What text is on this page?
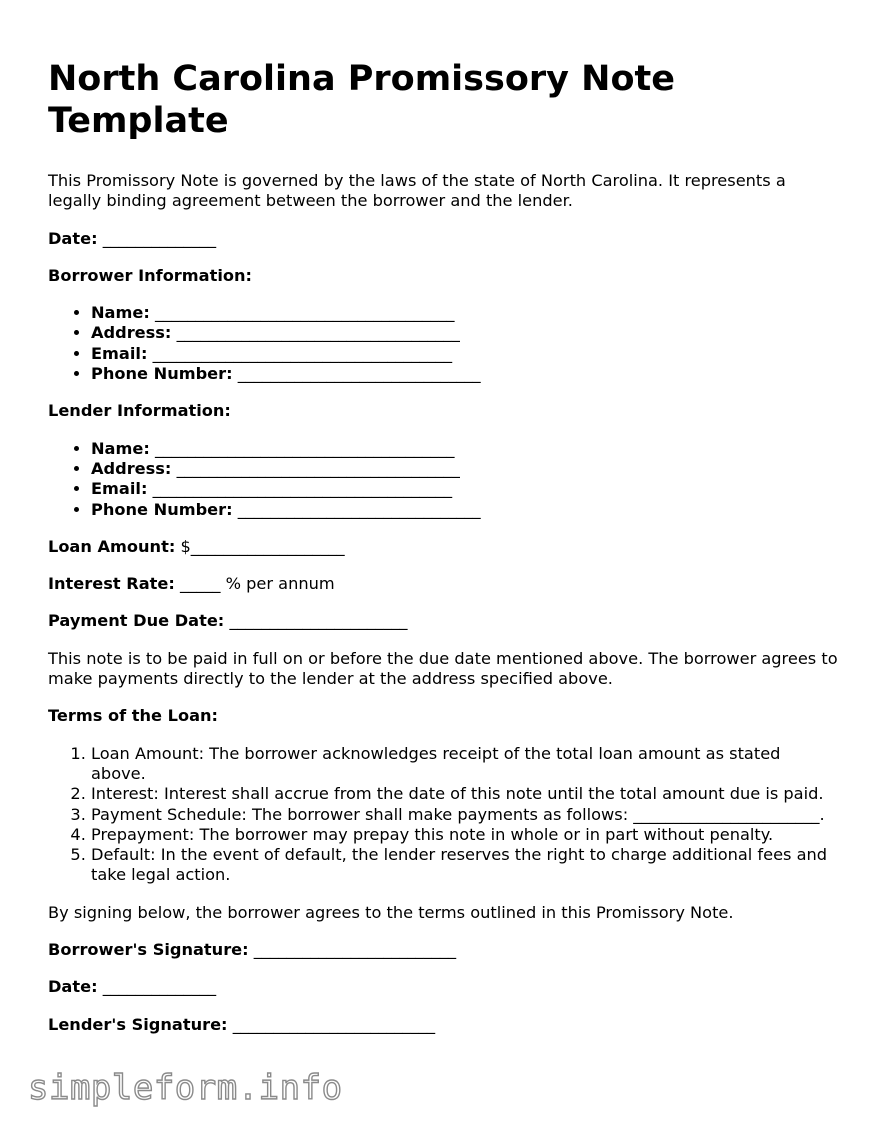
North Carolina Promissory Note Template

This Promissory Note is governed by the laws of the state of North Carolina. It represents a legally binding agreement between the borrower and the lender.

Date: ______________

Borrower Information:
• Name: _____________________________________
• Address: ___________________________________
• Email: _____________________________________
• Phone Number: ______________________________
Lender Information:
• Name: _____________________________________
• Address: ___________________________________
• Email: _____________________________________
• Phone Number: ______________________________

Loan Amount: $___________________

Interest Rate: _____ % per annum

Payment Due Date: ______________________

This note is to be paid in full on or before the due date mentioned above. The borrower agrees to make payments directly to the lender at the address specified above.

Terms of the Loan:
1. Loan Amount: The borrower acknowledges receipt of the total loan amount as stated above.
2. Interest: Interest shall accrue from the date of this note until the total amount due is paid.
3. Payment Schedule: The borrower shall make payments as follows: _______________________.
4. Prepayment: The borrower may prepay this note in whole or in part without penalty.
5. Default: In the event of default, the lender reserves the right to charge additional fees and take legal action.

By signing below, the borrower agrees to the terms outlined in this Promissory Note.

Borrower's Signature: _________________________

Date: ______________

Lender's Signature: _________________________

simpleform.info
